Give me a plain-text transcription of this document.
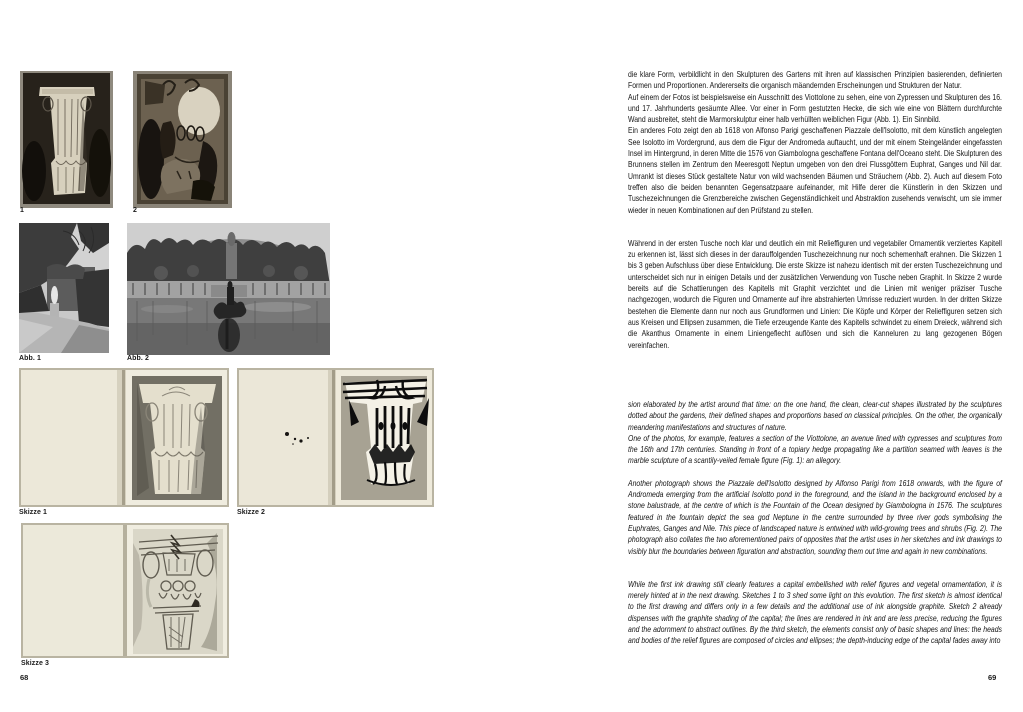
1	2
Abb. 1	Abb. 2
Skizze 1	Skizze 2
Skizze 3
68

die klare Form, verbildlicht in den Skulpturen des Gartens mit ihren auf klassischen Prinzipien basierenden, definierten Formen und Proportionen. Andererseits die organisch mäandernden Erscheinungen und Strukturen der Natur.

Auf einem der Fotos ist beispielsweise ein Ausschnitt des Viottolone zu sehen, eine von Zypressen und Skulpturen des 16. und 17. Jahrhunderts gesäumte Allee. Vor einer in Form gestutzten Hecke, die sich wie eine von Blättern durchfurchte Wand ausbreitet, steht die Marmorskulptur einer halb verhüllten weiblichen Figur (Abb. 1). Ein Sinnbild.

Ein anderes Foto zeigt den ab 1618 von Alfonso Parigi geschaffenen Piazzale dell'Isolotto, mit dem künstlich angelegten See Isolotto im Vordergrund, aus dem die Figur der Andromeda auftaucht, und der mit einem Steingeländer eingefassten Insel im Hintergrund, in deren Mitte die 1576 von Giambologna geschaffene Fontana dell'Oceano steht. Die Skulpturen des Brunnens stellen im Zentrum den Meeresgott Neptun umgeben von den drei Flussgöttern Euphrat, Ganges und Nil dar. Umrankt ist dieses Stück gestaltete Natur von wild wachsenden Bäumen und Sträuchern (Abb. 2). Auch auf diesem Foto treffen also die beiden benannten Gegensatzpaare aufeinander, mit Hilfe derer die Künstlerin in den Skizzen und Tuschezeichnungen die Grenzbereiche zwischen Gegenständlichkeit und Abstraktion zusehends verwischt, um sie immer wieder in neuen Kombinationen auf den Prüfstand zu stellen.

Während in der ersten Tusche noch klar und deutlich ein mit Relieffiguren und vegetabiler Ornamentik verziertes Kapitell zu erkennen ist, lässt sich dieses in der darauffolgenden Tuschezeichnung nur noch schemenhaft erahnen. Die Skizzen 1 bis 3 geben Aufschluss über diese Entwicklung. Die erste Skizze ist nahezu identisch mit der ersten Tuschezeichnung und unterscheidet sich nur in einigen Details und der zusätzlichen Verwendung von Tusche neben Graphit. In Skizze 2 wurde bereits auf die Schattierungen des Kapitells mit Graphit verzichtet und die Linien mit weniger präziser Tusche nachgezogen, wodurch die Figuren und Ornamente auf ihre abstrahierten Umrisse reduziert wurden. In der dritten Skizze bestehen die Elemente dann nur noch aus Grundformen und Linien: Die Köpfe und Körper der Relieffiguren setzen sich aus Kreisen und Ellipsen zusammen, die Tiefe erzeugende Kante des Kapitells schwindet zu einem Dreieck, während sich die Akanthus Ornamente in einem Liniengeflecht auflösen und sich die Kanneluren zu lang gezogenen Bögen vereinfachen.

sion elaborated by the artist around that time: on the one hand, the clean, clear-cut shapes illustrated by the sculptures dotted about the gardens, their defined shapes and proportions based on classical principles. On the other, the organically meandering manifestations and structures of nature.

One of the photos, for example, features a section of the Viottolone, an avenue lined with cypresses and sculptures from the 16th and 17th centuries. Standing in front of a topiary hedge propagating like a partition seamed with leaves is the marble sculpture of a scantily-veiled female figure (Fig. 1): an allegory.

Another photograph shows the Piazzale dell'Isolotto designed by Alfonso Parigi from 1618 onwards, with the figure of Andromeda emerging from the artificial Isolotto pond in the foreground, and the island in the background enclosed by a stone balustrade, at the centre of which is the Fountain of the Ocean designed by Giambologna in 1576. The sculptures featured in the fountain depict the sea god Neptune in the centre surrounded by three river gods symbolising the Euphrates, Ganges and Nile. This piece of landscaped nature is entwined with wild-growing trees and shrubs (Fig. 2). The photograph also collates the two aforementioned pairs of opposites that the artist uses in her sketches and ink drawings to visibly blur the boundaries between figuration and abstraction, sounding them out time and again in new combinations.

While the first ink drawing still clearly features a capital embellished with relief figures and vegetal ornamentation, it is merely hinted at in the next drawing. Sketches 1 to 3 shed some light on this evolution. The first sketch is almost identical to the first drawing and differs only in a few details and the additional use of ink alongside graphite. Sketch 2 already dispenses with the graphite shading of the capital; the lines are rendered in ink and are less precise, reducing the figures and the adornment to abstract outlines. By the third sketch, the elements consist only of basic shapes and lines: the heads and bodies of the relief figures are composed of circles and ellipses; the depth-inducing edge of the capital fades away into

69
